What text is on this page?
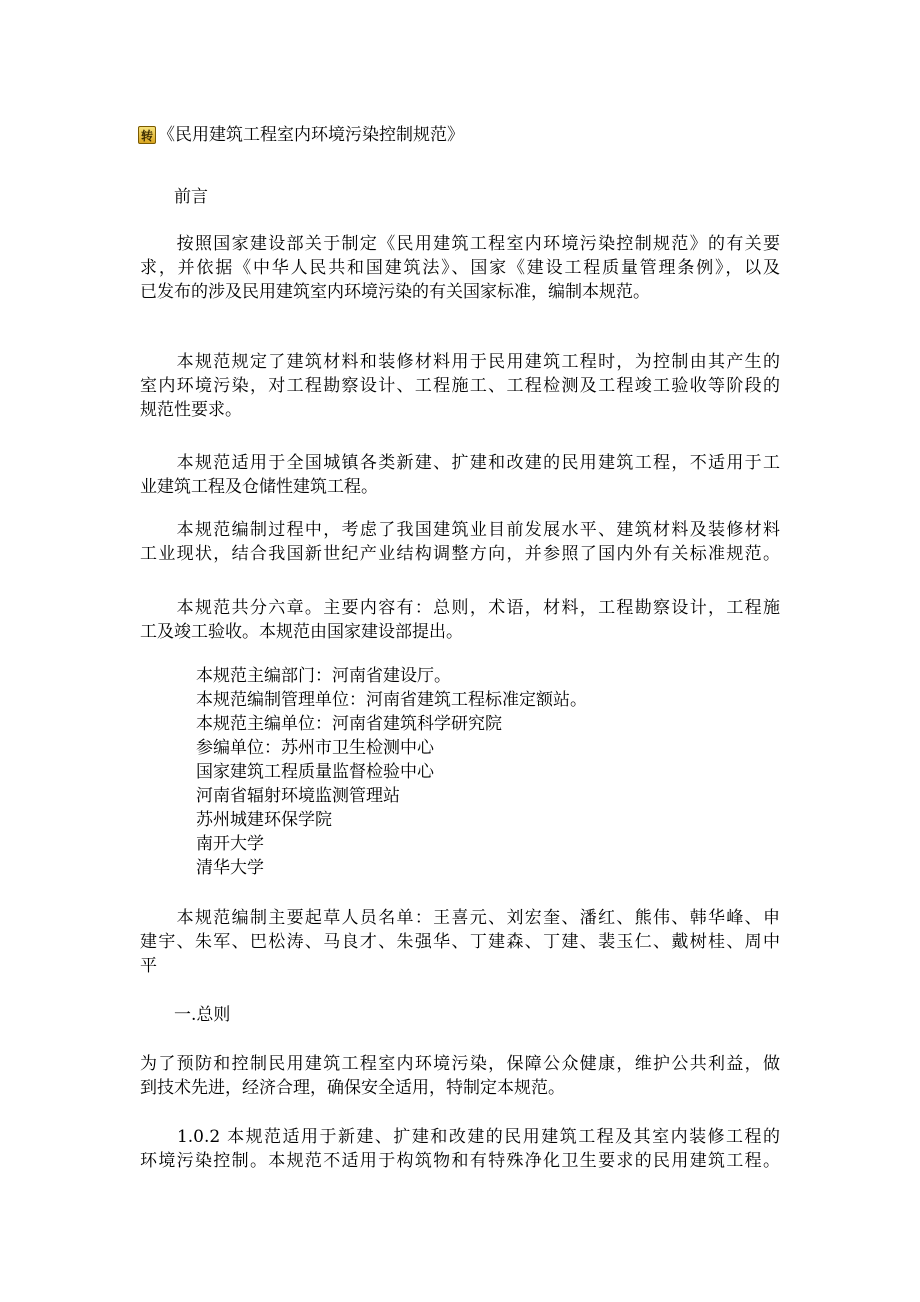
转 《民用建筑工程室内环境污染控制规范》
前言
　　按照国家建设部关于制定《民用建筑工程室内环境污染控制规范》的有关要
求，并依据《中华人民共和国建筑法》、国家《建设工程质量管理条例》，以及
已发布的涉及民用建筑室内环境污染的有关国家标准，编制本规范。
　　本规范规定了建筑材料和装修材料用于民用建筑工程时，为控制由其产生的
室内环境污染，对工程勘察设计、工程施工、工程检测及工程竣工验收等阶段的
规范性要求。
　　本规范适用于全国城镇各类新建、扩建和改建的民用建筑工程，不适用于工
业建筑工程及仓储性建筑工程。
　　本规范编制过程中，考虑了我国建筑业目前发展水平、建筑材料及装修材料
工业现状，结合我国新世纪产业结构调整方向，并参照了国内外有关标准规范。
　　本规范共分六章。主要内容有：总则，术语，材料，工程勘察设计，工程施
工及竣工验收。本规范由国家建设部提出。
本规范主编部门：河南省建设厅。
本规范编制管理单位：河南省建筑工程标准定额站。
本规范主编单位：河南省建筑科学研究院
参编单位：苏州市卫生检测中心
国家建筑工程质量监督检验中心
河南省辐射环境监测管理站
苏州城建环保学院
南开大学
清华大学
　　本规范编制主要起草人员名单：王喜元、刘宏奎、潘红、熊伟、韩华峰、申
建宇、朱军、巴松涛、马良才、朱强华、丁建森、丁建、裴玉仁、戴树桂、周中
平
一.总则
为了预防和控制民用建筑工程室内环境污染，保障公众健康，维护公共利益，做
到技术先进，经济合理，确保安全适用，特制定本规范。
　　1.0.2 本规范适用于新建、扩建和改建的民用建筑工程及其室内装修工程的
环境污染控制。本规范不适用于构筑物和有特殊净化卫生要求的民用建筑工程。
